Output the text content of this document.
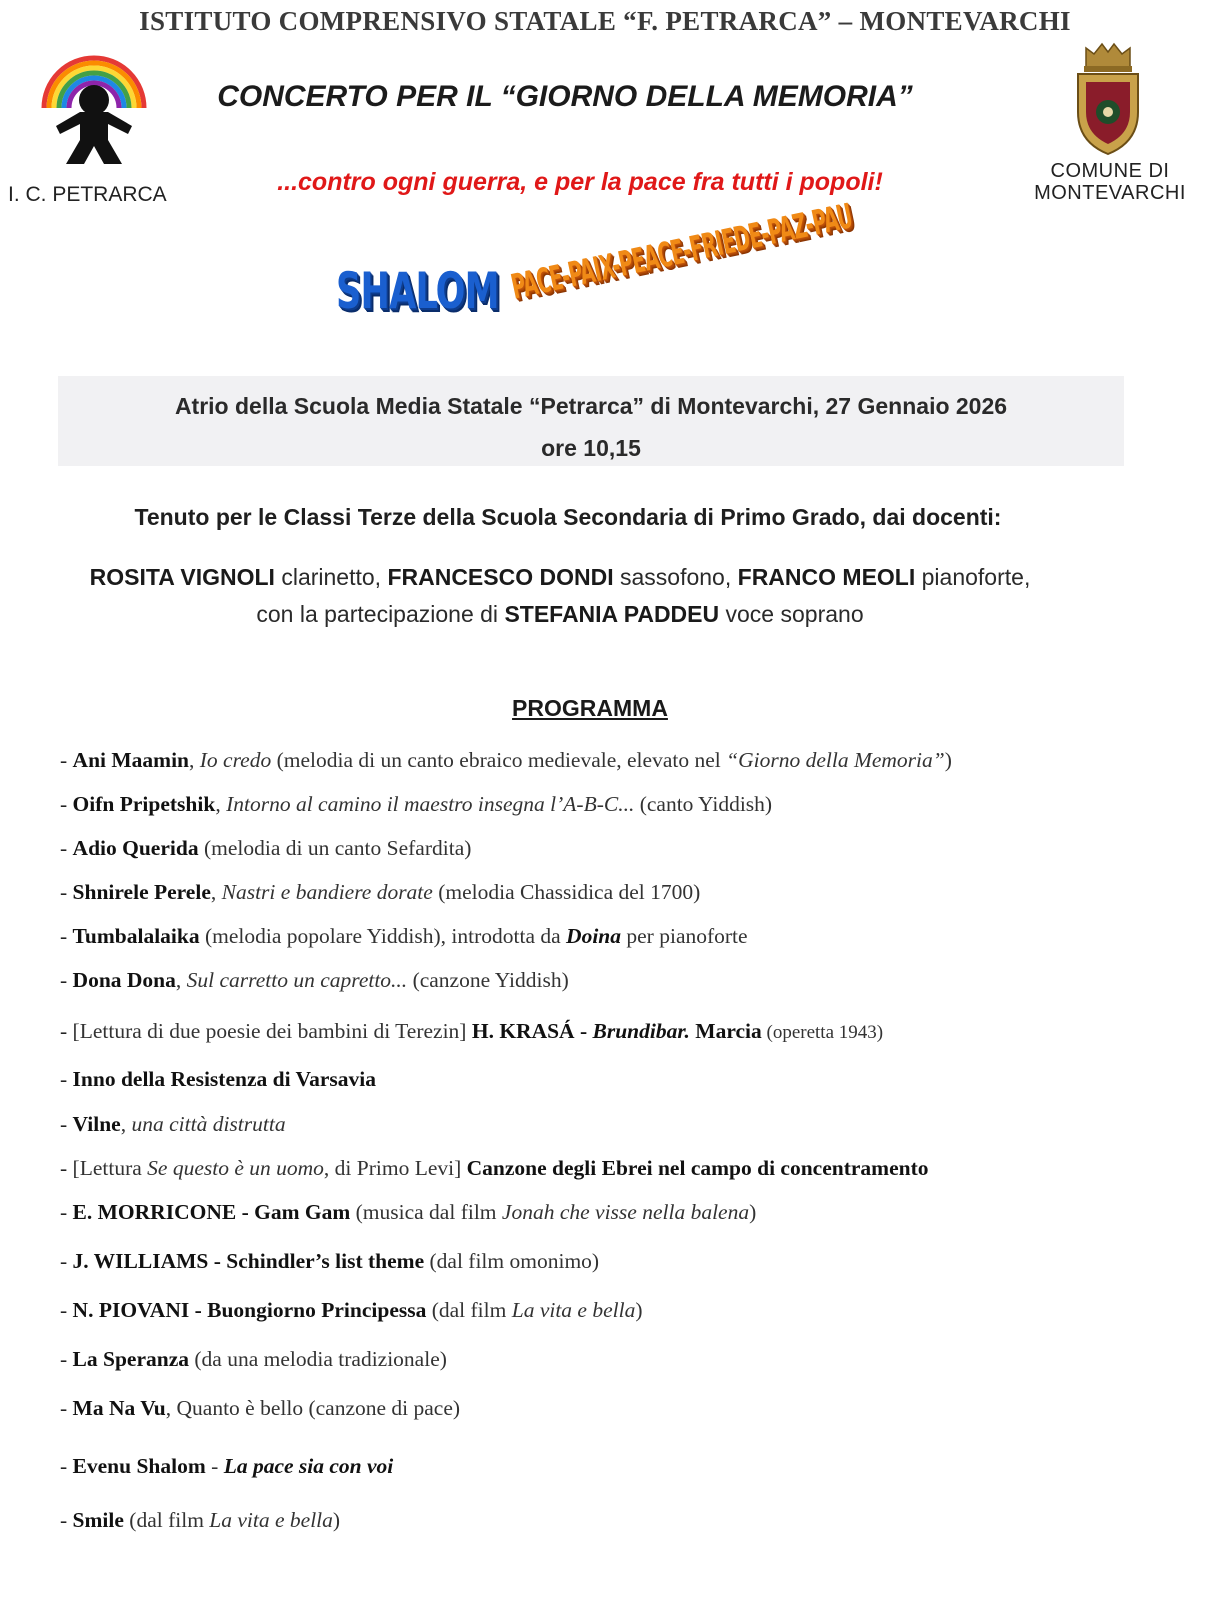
ISTITUTO COMPRENSIVO STATALE “F. PETRARCA” – MONTEVARCHI
I. C. PETRARCA
COMUNE DI
MONTEVARCHI
CONCERTO PER IL “GIORNO DELLA MEMORIA”
...contro ogni guerra, e per la pace fra tutti i popoli!
SHALOM PACE-PAIX-PEACE-FRIEDE-PAZ-PAU
Atrio della Scuola Media Statale “Petrarca” di Montevarchi, 27 Gennaio 2026
ore 10,15
Tenuto per le Classi Terze della Scuola Secondaria di Primo Grado, dai docenti:
ROSITA VIGNOLI clarinetto, FRANCESCO DONDI sassofono, FRANCO MEOLI pianoforte,
con la partecipazione di STEFANIA PADDEU voce soprano
PROGRAMMA
- Ani Maamin, Io credo (melodia di un canto ebraico medievale, elevato nel “Giorno della Memoria”)
- Oifn Pripetshik, Intorno al camino il maestro insegna l’A-B-C... (canto Yiddish)
- Adio Querida (melodia di un canto Sefardita)
- Shnirele Perele, Nastri e bandiere dorate (melodia Chassidica del 1700)
- Tumbalalaika (melodia popolare Yiddish), introdotta da Doina per pianoforte
- Dona Dona, Sul carretto un capretto... (canzone Yiddish)
- [Lettura di due poesie dei bambini di Terezin] H. KRASÁ - Brundibar. Marcia (operetta 1943)
- Inno della Resistenza di Varsavia
- Vilne, una città distrutta
- [Lettura Se questo è un uomo, di Primo Levi] Canzone degli Ebrei nel campo di concentramento
- E. MORRICONE - Gam Gam (musica dal film Jonah che visse nella balena)
- J. WILLIAMS - Schindler’s list theme (dal film omonimo)
- N. PIOVANI - Buongiorno Principessa (dal film La vita e bella)
- La Speranza (da una melodia tradizionale)
- Ma Na Vu, Quanto è bello (canzone di pace)
- Evenu Shalom - La pace sia con voi
- Smile (dal film La vita e bella)
